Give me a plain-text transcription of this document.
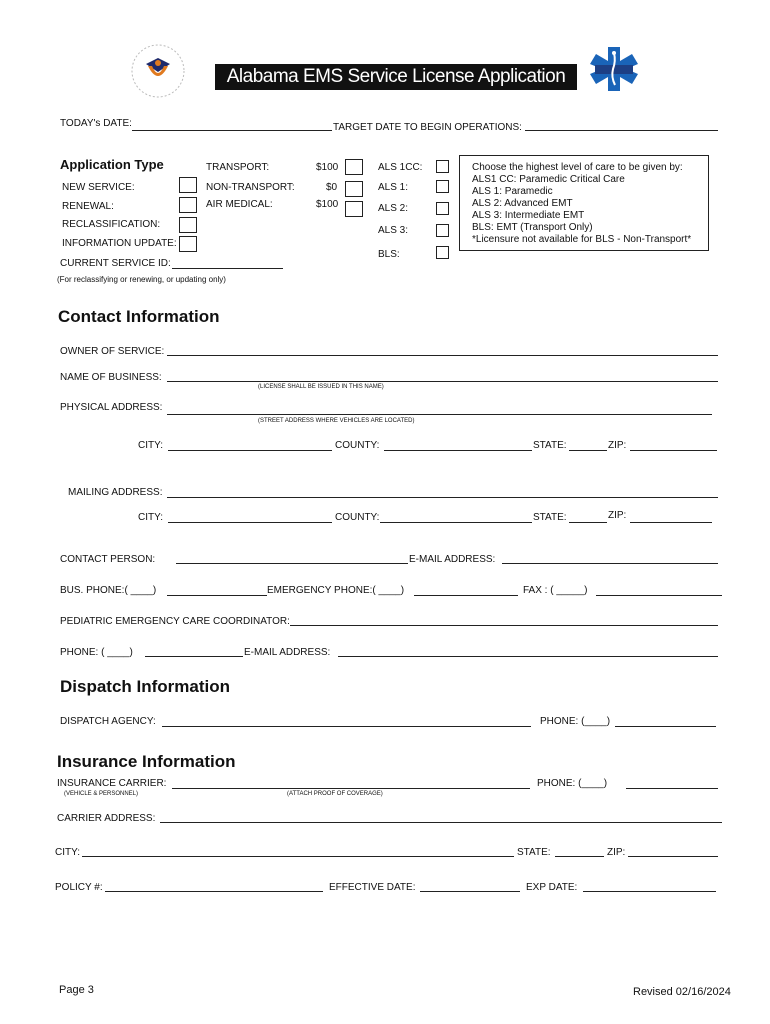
Alabama EMS Service License Application
TODAY's DATE:	TARGET DATE TO BEGIN OPERATIONS:
Application Type
NEW SERVICE:
RENEWAL:
RECLASSIFICATION:
INFORMATION UPDATE:
CURRENT SERVICE ID:
(For reclassifying or renewing, or updating only)
TRANSPORT:	$100
NON-TRANSPORT:	$0
AIR MEDICAL:	$100
ALS 1CC:
ALS 1:
ALS 2:
ALS 3:
BLS:
Choose the highest level of care to be given by:
ALS1 CC: Paramedic Critical Care
ALS 1: Paramedic
ALS 2: Advanced EMT
ALS 3: Intermediate EMT
BLS: EMT (Transport Only)
*Licensure not available for BLS - Non-Transport*
Contact Information
OWNER OF SERVICE:
NAME OF BUSINESS:
(LICENSE SHALL BE ISSUED IN THIS NAME)
PHYSICAL ADDRESS:
(STREET ADDRESS WHERE VEHICLES ARE LOCATED)
CITY:	COUNTY:	STATE:	ZIP:
MAILING ADDRESS:
CITY:	COUNTY:	STATE:	ZIP:
CONTACT PERSON:	E-MAIL ADDRESS:
BUS. PHONE:( ____)	EMERGENCY PHONE:( ____)	FAX : ( _____)
PEDIATRIC EMERGENCY CARE COORDINATOR:
PHONE: ( ____)	E-MAIL ADDRESS:
Dispatch Information
DISPATCH AGENCY:	PHONE: (____)
Insurance Information
INSURANCE CARRIER:
(VEHICLE & PERSONNEL)	(ATTACH PROOF OF COVERAGE)
PHONE: (____)
CARRIER ADDRESS:
CITY:	STATE:	ZIP:
POLICY #:	EFFECTIVE DATE:	EXP DATE:
Page 3	Revised 02/16/2024
